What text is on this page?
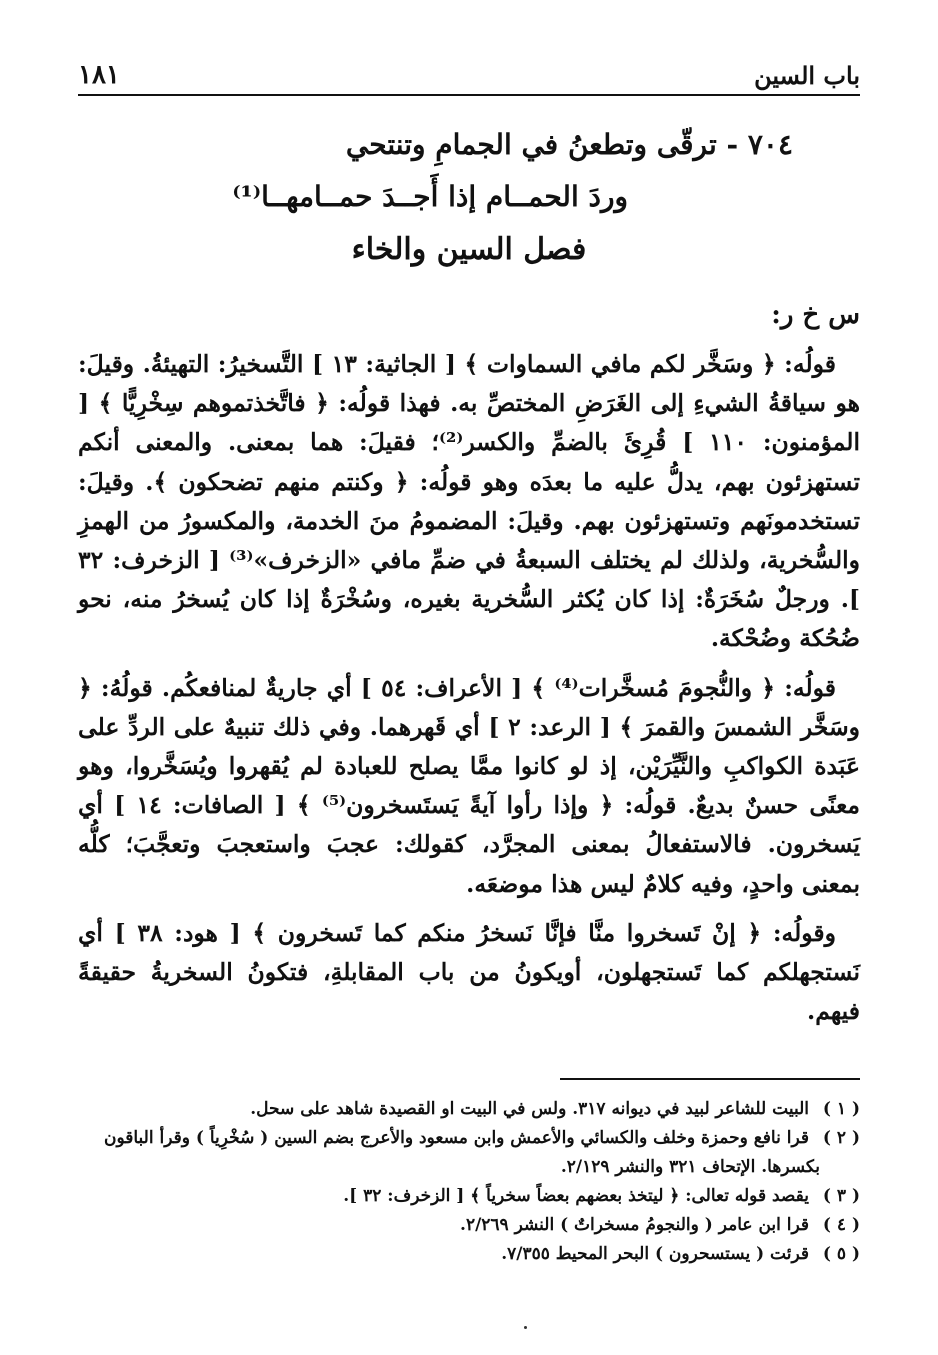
باب السين
١٨١
٧٠٤ - ترقّى وتطعنُ في الجمامِ وتنتحي
وردَ الحمــام إذا أَجــدَ حمــامهــا⁽¹⁾
فصل السين والخاء
س خ ر:

قولُه: ﴿ وسَخَّر لكم مافي السماوات ﴾ [ الجاثية: ١٣ ] التَّسخيرُ: التهيئةُ. وقيلَ: هو سياقةُ الشيءِ إلى الغَرَضِ المختصِّ به. فهذا قولُه: ﴿ فاتَّخذتموهم سِخْرِيًّا ﴾ [ المؤمنون: ١١٠ ] قُرِئَ بالضمِّ والكسر⁽²⁾؛ فقيلَ: هما بمعنى. والمعنى أنكم تستهزئون بهم، يدلُّ عليه ما بعدَه وهو قولُه: ﴿ وكنتم منهم تضحكون ﴾. وقيلَ: تستخدمونَهم وتستهزئون بهم. وقيلَ: المضمومُ منَ الخدمة، والمكسورُ من الهمزِ والسُّخرية، ولذلك لم يختلف السبعةُ في ضمِّ مافي «الزخرف»⁽³⁾ [ الزخرف: ٣٢ ]. ورجلٌ سُخَرَةٌ: إذا كان يُكثر السُّخرية بغيره، وسُخْرَةٌ إذا كان يُسخرُ منه، نحو ضُحُكة وضُحْكة.

قولُه: ﴿ والنُّجومَ مُسخَّرات⁽⁴⁾ ﴾ [ الأعراف: ٥٤ ] أي جاريةٌ لمنافعكُم. قولُهُ: ﴿ وسَخَّر الشمسَ والقمرَ ﴾ [ الرعد: ٢ ] أي قَهرهما. وفي ذلك تنبيهٌ على الردِّ على عَبَدة الكواكبِ والنَّيِّرَيْن، إذ لو كانوا ممَّا يصلح للعبادة لم يُقهروا ويُسَخَّروا، وهو معنًى حسنٌ بديعٌ. قولُه: ﴿ وإذا رأوا آيةً يَستَسخرون⁽⁵⁾ ﴾ [ الصافات: ١٤ ] أي يَسخرون. فالاستفعالُ بمعنى المجرَّد، كقولك: عجبَ واستعجبَ وتعجَّبَ؛ كلُّه بمعنى واحدٍ، وفيه كلامٌ ليس هذا موضعَه.

وقولُه: ﴿ إنْ تَسخروا منَّا فإنَّا نَسخرُ منكم كما تَسخرون ﴾ [ هود: ٣٨ ] أي نَستجهلكم كما تَستجهلون، أويكونُ من باب المقابلةِ، فتكونُ السخريةُ حقيقةً فيهم.

( ١ ) البيت للشاعر لبيد في ديوانه ٣١٧. ولس في البيت او القصيدة شاهد على سحل.

( ٢ ) قرا نافع وحمزة وخلف والكسائي والأعمش وابن مسعود والأعرج بضم السين ( سُخْرِياً ) وقرأ الباقون

بكسرها. الإتحاف ٣٢١ والنشر ٢/١٢٩.

( ٣ ) يقصد قوله تعالى: ﴿ ليتخذ بعضهم بعضاً سخرياً ﴾ [ الزخرف: ٣٢ ].

( ٤ ) قرا ابن عامر ( والنجومُ مسخراتٌ ) النشر ٢/٢٦٩.

( ٥ ) قرئت ( يستسحرون ) البحر المحيط ٧/٣٥٥.
